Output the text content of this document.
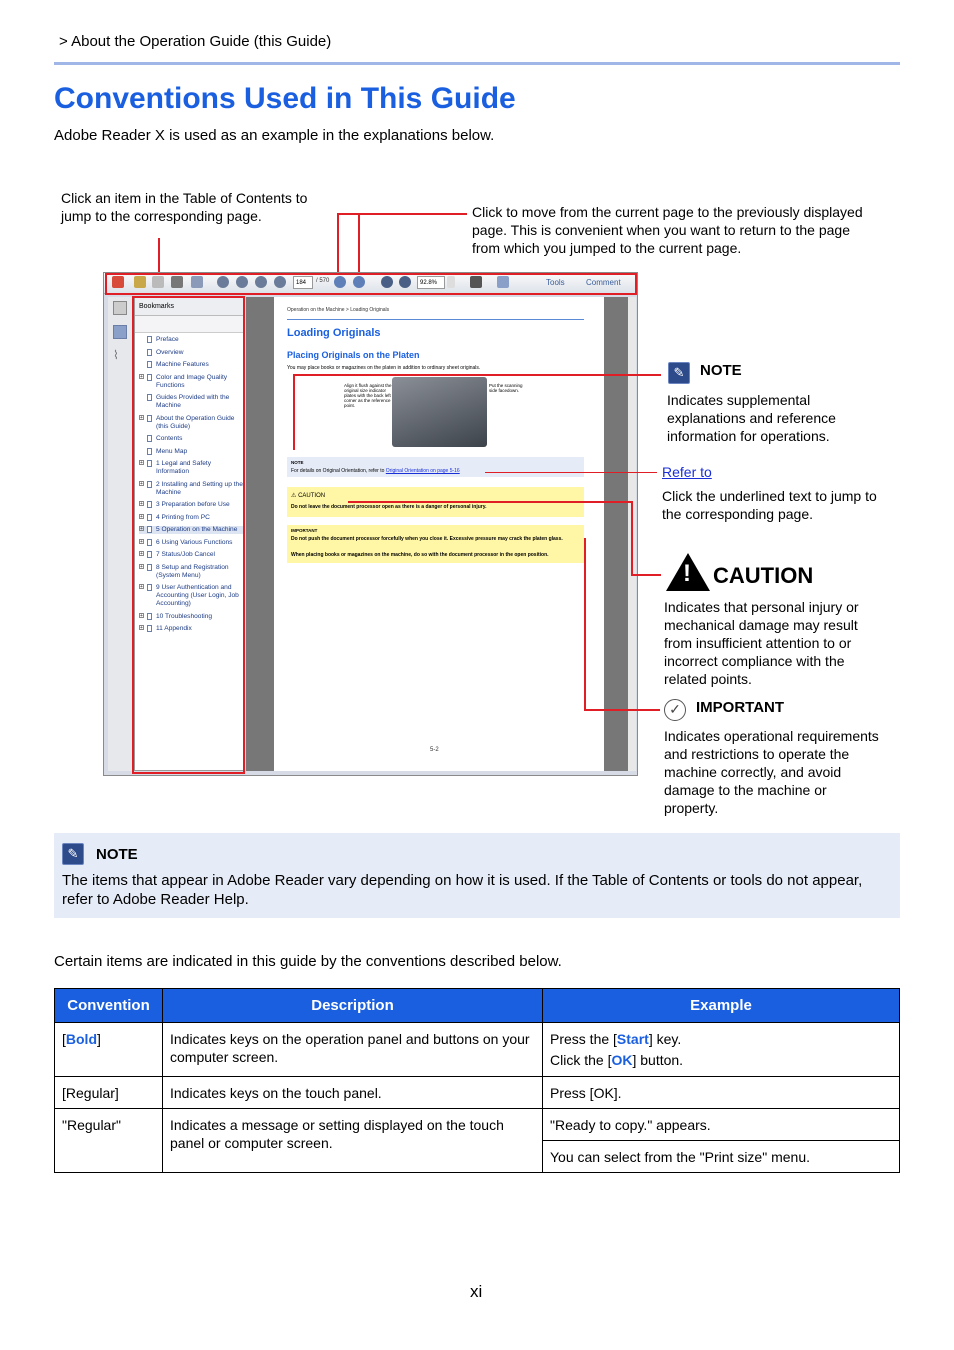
> About the Operation Guide (this Guide)
Conventions Used in This Guide
Adobe Reader X is used as an example in the explanations below.
Click an item in the Table of Contents to jump to the corresponding page.	Click to move from the current page to the previously displayed page. This is convenient when you want to return to the page from which you jumped to the current page.
184	/ 570	92.8%	Tools	Comment
⌇
Bookmarks
Preface
Overview
Machine Features
+ Color and Image Quality Functions
Guides Provided with the Machine
+ About the Operation Guide (this Guide)
Contents
Menu Map
+ 1 Legal and Safety Information
+ 2 Installing and Setting up the Machine
+ 3 Preparation before Use
+ 4 Printing from PC
+ 5 Operation on the Machine
+ 6 Using Various Functions
+ 7 Status/Job Cancel
+ 8 Setup and Registration (System Menu)
+ 9 User Authentication and Accounting (User Login, Job Accounting)
+ 10 Troubleshooting
+ 11 Appendix
Operation on the Machine > Loading Originals
Loading Originals
Placing Originals on the Platen
You may place books or magazines on the platen in addition to ordinary sheet originals.
Align it flush against the original size indicator plates with the back left corner as the reference point.
Put the scanning side facedown.
NOTE
For details on Original Orientation, refer to Original Orientation on page 5-16
⚠ CAUTION
Do not leave the document processor open as there is a danger of personal injury.
IMPORTANT
Do not push the document processor forcefully when you close it. Excessive pressure may crack the platen glass.
When placing books or magazines on the machine, do so with the document processor in the open position.
5-2
✎
NOTE
Indicates supplemental explanations and reference information for operations.
Refer to
Click the underlined text to jump to the corresponding page.
! CAUTION
Indicates that personal injury or mechanical damage may result from insufficient attention to or incorrect compliance with the related points.
✓	IMPORTANT
Indicates operational requirements and restrictions to operate the machine correctly, and avoid damage to the machine or property.
✎
NOTE
The items that appear in Adobe Reader vary depending on how it is used. If the Table of Contents or tools do not appear, refer to Adobe Reader Help.
Certain items are indicated in this guide by the conventions described below.
Convention	Description	Example
[Bold]	Indicates keys on the operation panel and buttons on your computer screen.	Press the [Start] key.
Click the [OK] button.

[Regular]	Indicates keys on the touch panel.	Press [OK].
"Regular"	Indicates a message or setting displayed on the touch panel or computer screen.	"Ready to copy." appears.
		You can select from the "Print size" menu.
xi
